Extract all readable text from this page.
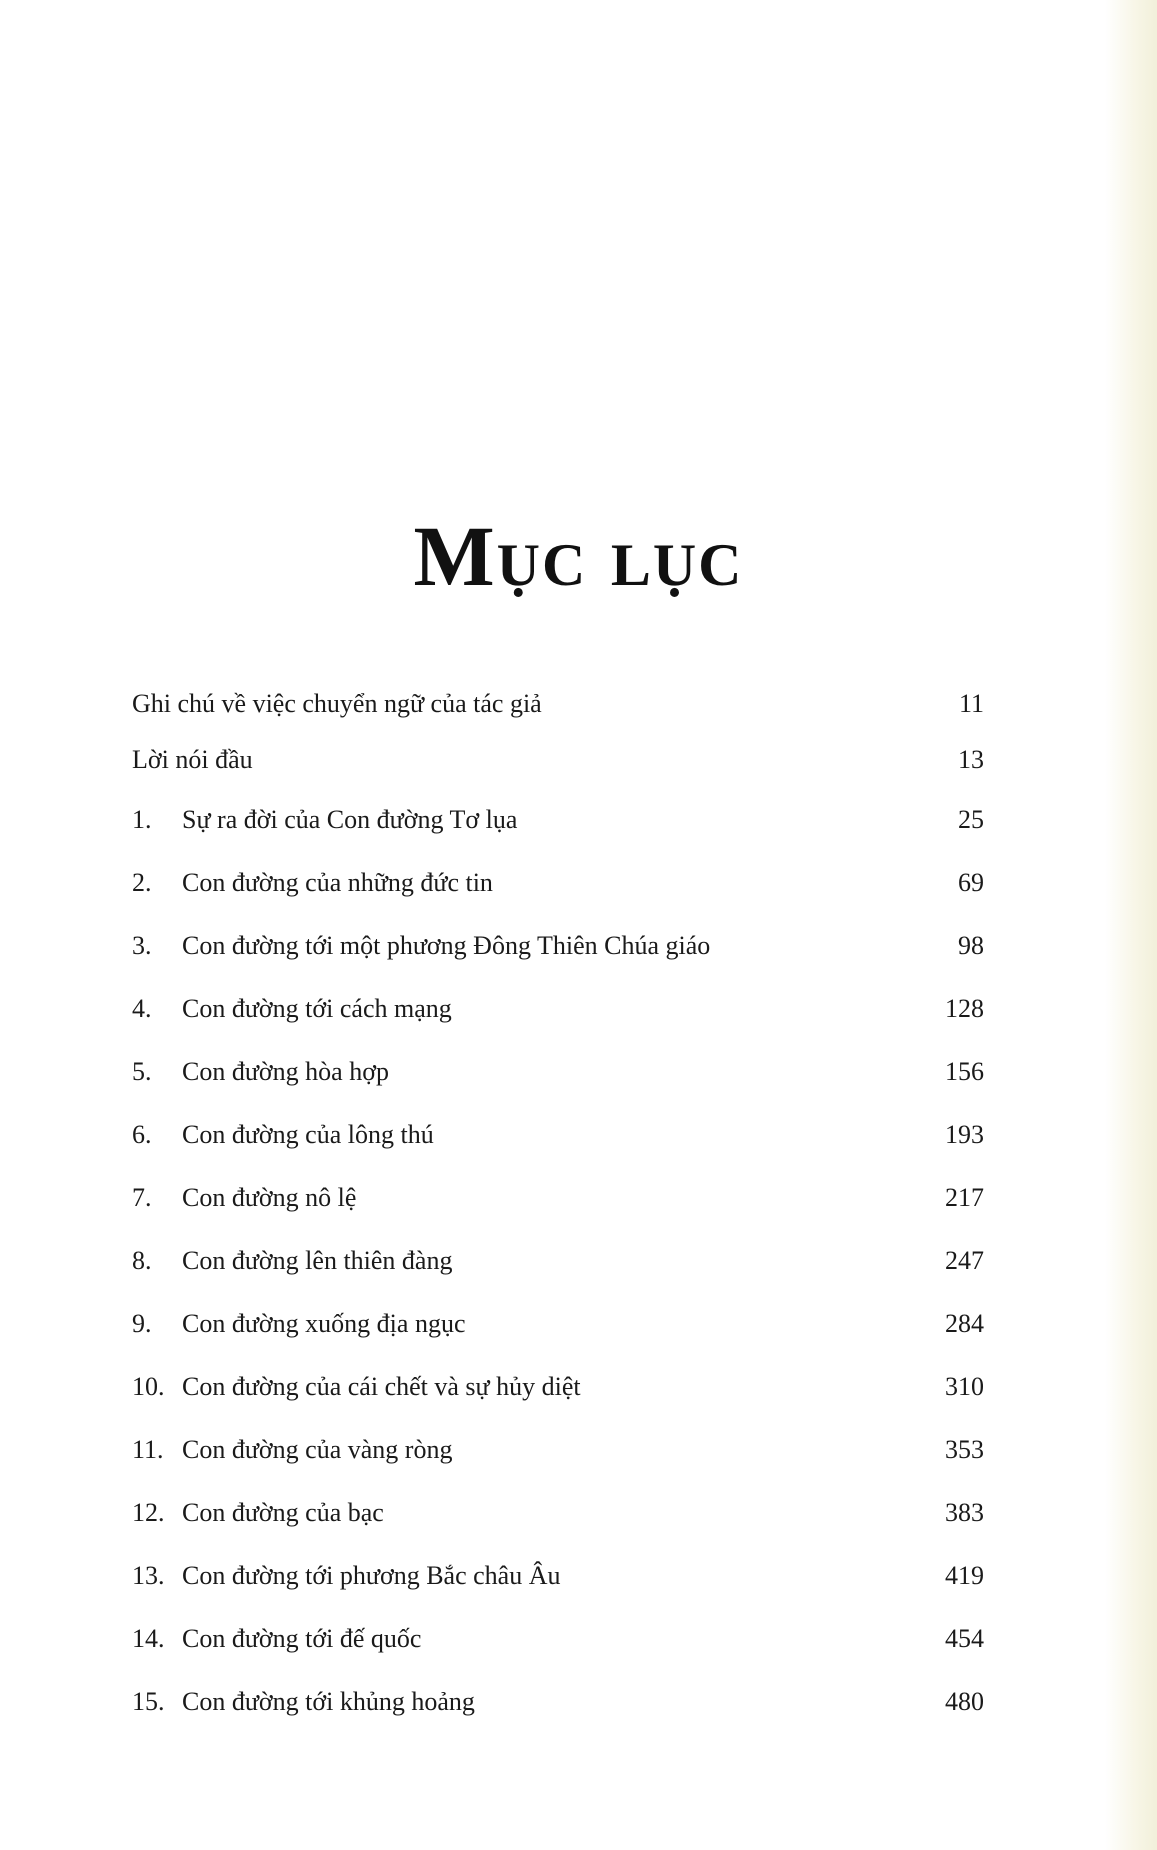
Mục lục
Ghi chú về việc chuyển ngữ của tác giả	11
Lời nói đầu	13
1.	Sự ra đời của Con đường Tơ lụa	25
2.	Con đường của những đức tin	69
3.	Con đường tới một phương Đông Thiên Chúa giáo	98
4.	Con đường tới cách mạng	128
5.	Con đường hòa hợp	156
6.	Con đường của lông thú	193
7.	Con đường nô lệ	217
8.	Con đường lên thiên đàng	247
9.	Con đường xuống địa ngục	284
10. Con đường của cái chết và sự hủy diệt	310
11. Con đường của vàng ròng	353
12. Con đường của bạc	383
13. Con đường tới phương Bắc châu Âu	419
14. Con đường tới đế quốc	454
15. Con đường tới khủng hoảng	480
